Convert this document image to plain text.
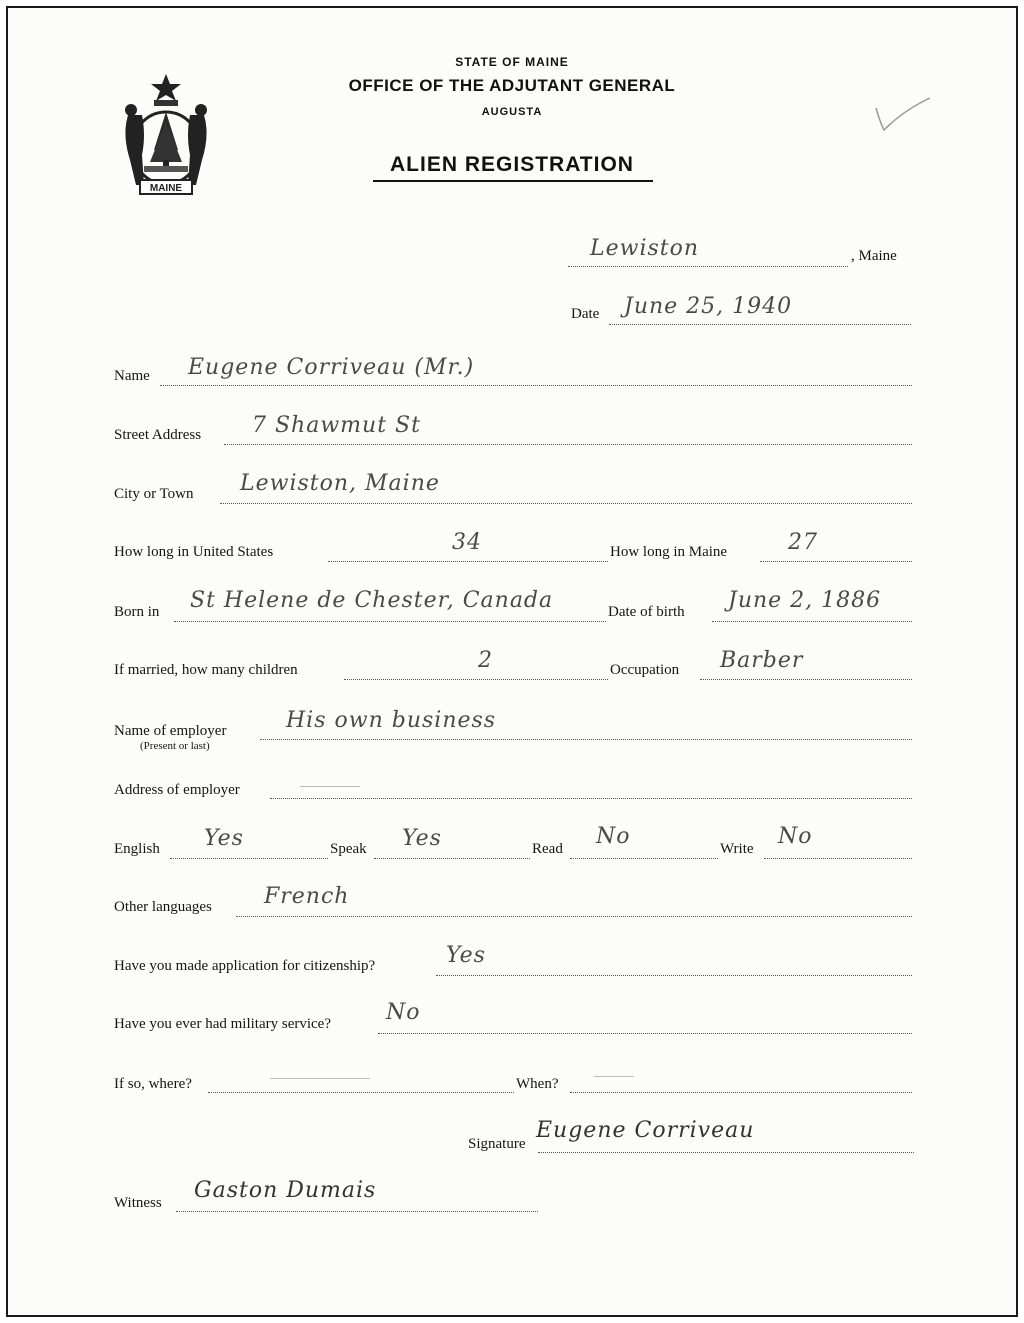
MAINE
STATE OF MAINE
OFFICE OF THE ADJUTANT GENERAL
AUGUSTA
ALIEN REGISTRATION
Lewiston	, Maine
Date June 25, 1940
Name Eugene Corriveau (Mr.)
Street Address 7 Shawmut St
City or Town Lewiston, Maine
How long in United States	34	How long in Maine	27
Born in St Helene de Chester, Canada	Date of birth June 2, 1886
If married, how many children	2	Occupation Barber
Name of employer
(Present or last)
His own business
Address of employer
English Yes	Speak Yes	Read No	Write No
Other languages French
Have you made application for citizenship?	Yes
Have you ever had military service?	No
If so, where?	When?
Signature
Eugene Corriveau
Witness Gaston Dumais
